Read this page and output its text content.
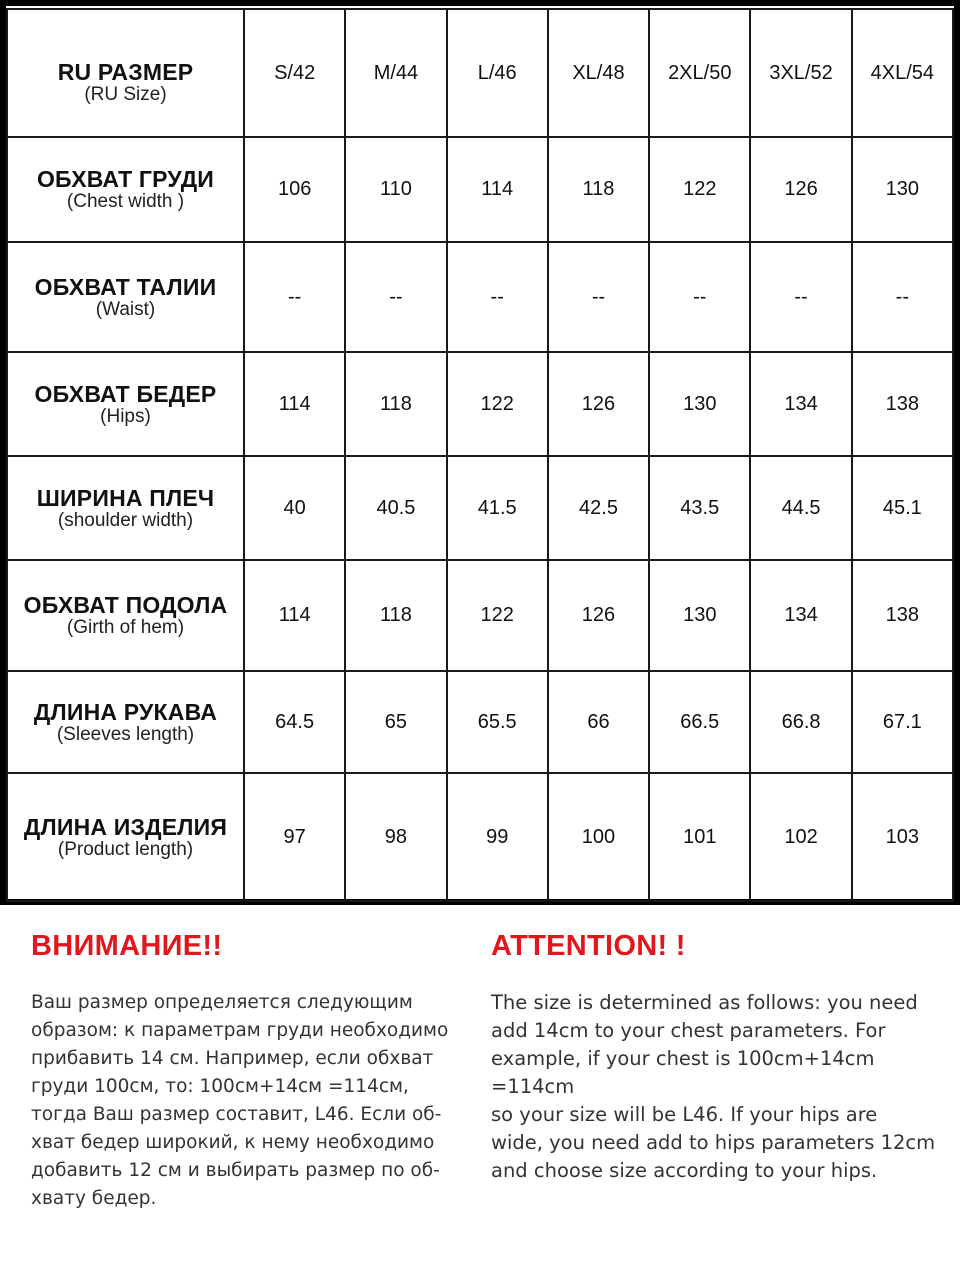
RU РАЗМЕР
(RU Size)	S/42	M/44	L/46	XL/48	2XL/50	3XL/52	4XL/54

ОБХВАТ ГРУДИ
(Chest width )	106	110	114	118	122	126	130

ОБХВАТ ТАЛИИ
(Waist)	--	--	--	--	--	--	--

ОБХВАТ БЕДЕР
(Hips)	114	118	122	126	130	134	138

ШИРИНА ПЛЕЧ
(shoulder width)	40	40.5	41.5	42.5	43.5	44.5	45.1

ОБХВАТ ПОДОЛА
(Girth of hem)	114	118	122	126	130	134	138

ДЛИНА РУКАВА
(Sleeves length)	64.5	65	65.5	66	66.5	66.8	67.1

ДЛИНА ИЗДЕЛИЯ
(Product length)	97	98	99	100	101	102	103
ВНИМАНИЕ!!

Ваш размер определяется следующим
образом: к параметрам груди необходимо
прибавить 14 см. Например, если обхват
груди 100см, то: 100см+14см =114см,
тогда Ваш размер составит, L46. Если об-
хват бедер широкий, к нему необходимо
добавить 12 см и выбирать размер по об-
хвату бедер.

ATTENTION! !

The size is determined as follows: you need
add 14cm to your chest parameters. For
example, if your chest is 100cm+14cm =114cm
so your size will be L46. If your hips are
wide, you need add to hips parameters 12cm
and choose size according to your hips.
